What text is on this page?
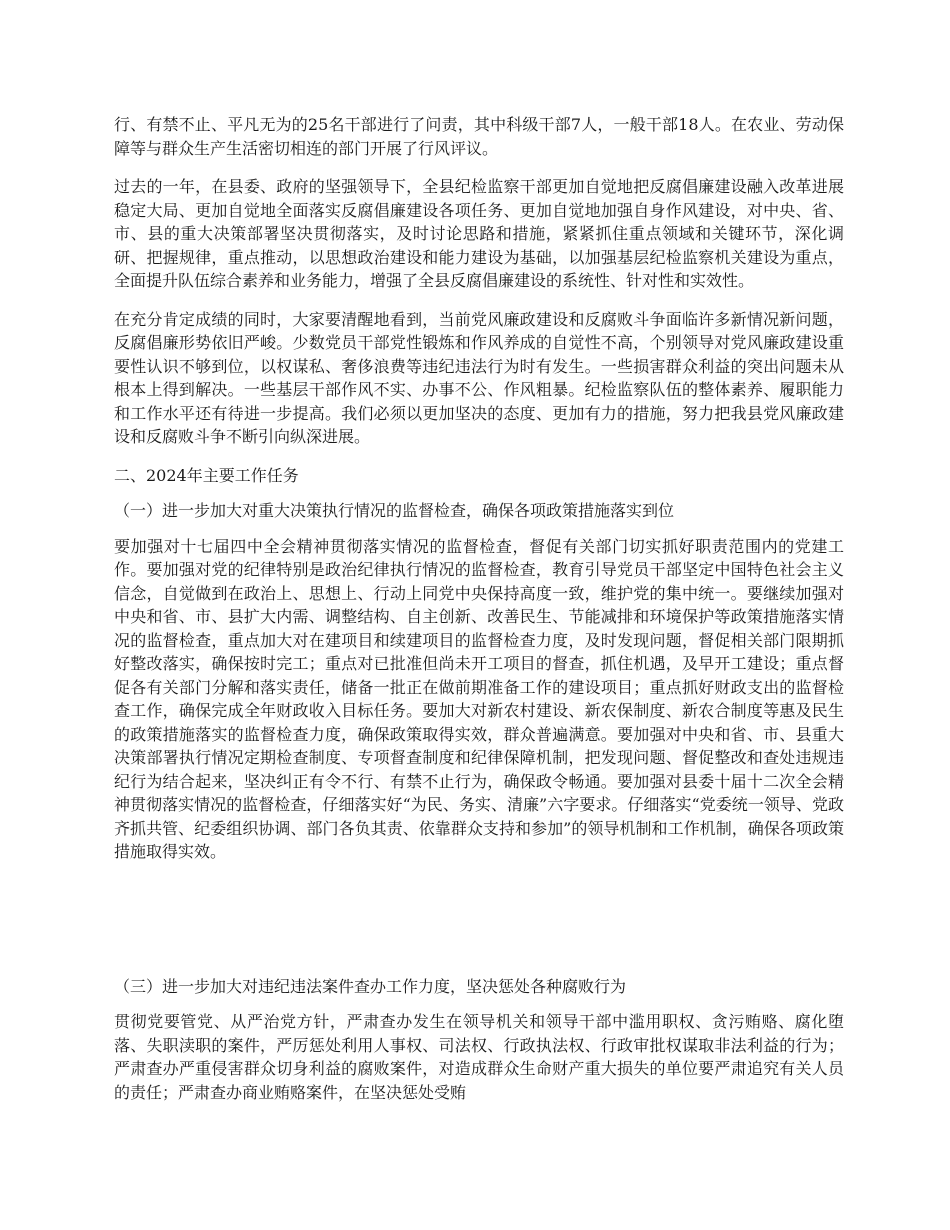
行、有禁不止、平凡无为的25名干部进行了问责，其中科级干部7人，一般干部18人。在农业、劳动保障等与群众生产生活密切相连的部门开展了行风评议。

过去的一年，在县委、政府的坚强领导下，全县纪检监察干部更加自觉地把反腐倡廉建设融入改革进展稳定大局、更加自觉地全面落实反腐倡廉建设各项任务、更加自觉地加强自身作风建设，对中央、省、市、县的重大决策部署坚决贯彻落实，及时讨论思路和措施，紧紧抓住重点领域和关键环节，深化调研、把握规律，重点推动，以思想政治建设和能力建设为基础，以加强基层纪检监察机关建设为重点，全面提升队伍综合素养和业务能力，增强了全县反腐倡廉建设的系统性、针对性和实效性。

在充分肯定成绩的同时，大家要清醒地看到，当前党风廉政建设和反腐败斗争面临许多新情况新问题，反腐倡廉形势依旧严峻。少数党员干部党性锻炼和作风养成的自觉性不高，个别领导对党风廉政建设重要性认识不够到位，以权谋私、奢侈浪费等违纪违法行为时有发生。一些损害群众利益的突出问题未从根本上得到解决。一些基层干部作风不实、办事不公、作风粗暴。纪检监察队伍的整体素养、履职能力和工作水平还有待进一步提高。我们必须以更加坚决的态度、更加有力的措施，努力把我县党风廉政建设和反腐败斗争不断引向纵深进展。

二、2024年主要工作任务

（一）进一步加大对重大决策执行情况的监督检查，确保各项政策措施落实到位

要加强对十七届四中全会精神贯彻落实情况的监督检查，督促有关部门切实抓好职责范围内的党建工作。要加强对党的纪律特别是政治纪律执行情况的监督检查，教育引导党员干部坚定中国特色社会主义信念，自觉做到在政治上、思想上、行动上同党中央保持高度一致，维护党的集中统一。要继续加强对中央和省、市、县扩大内需、调整结构、自主创新、改善民生、节能减排和环境保护等政策措施落实情况的监督检查，重点加大对在建项目和续建项目的监督检查力度，及时发现问题，督促相关部门限期抓好整改落实，确保按时完工；重点对已批准但尚未开工项目的督查，抓住机遇，及早开工建设；重点督促各有关部门分解和落实责任，储备一批正在做前期准备工作的建设项目；重点抓好财政支出的监督检查工作，确保完成全年财政收入目标任务。要加大对新农村建设、新农保制度、新农合制度等惠及民生的政策措施落实的监督检查力度，确保政策取得实效，群众普遍满意。要加强对中央和省、市、县重大决策部署执行情况定期检查制度、专项督查制度和纪律保障机制，把发现问题、督促整改和查处违规违纪行为结合起来，坚决纠正有令不行、有禁不止行为，确保政令畅通。要加强对县委十届十二次全会精神贯彻落实情况的监督检查，仔细落实好“为民、务实、清廉”六字要求。仔细落实“党委统一领导、党政齐抓共管、纪委组织协调、部门各负其责、依靠群众支持和参加”的领导机制和工作机制，确保各项政策措施取得实效。

（三）进一步加大对违纪违法案件查办工作力度，坚决惩处各种腐败行为

贯彻党要管党、从严治党方针，严肃查办发生在领导机关和领导干部中滥用职权、贪污贿赂、腐化堕落、失职渎职的案件，严厉惩处利用人事权、司法权、行政执法权、行政审批权谋取非法利益的行为；严肃查办严重侵害群众切身利益的腐败案件，对造成群众生命财产重大损失的单位要严肃追究有关人员的责任；严肃查办商业贿赂案件，在坚决惩处受贿
